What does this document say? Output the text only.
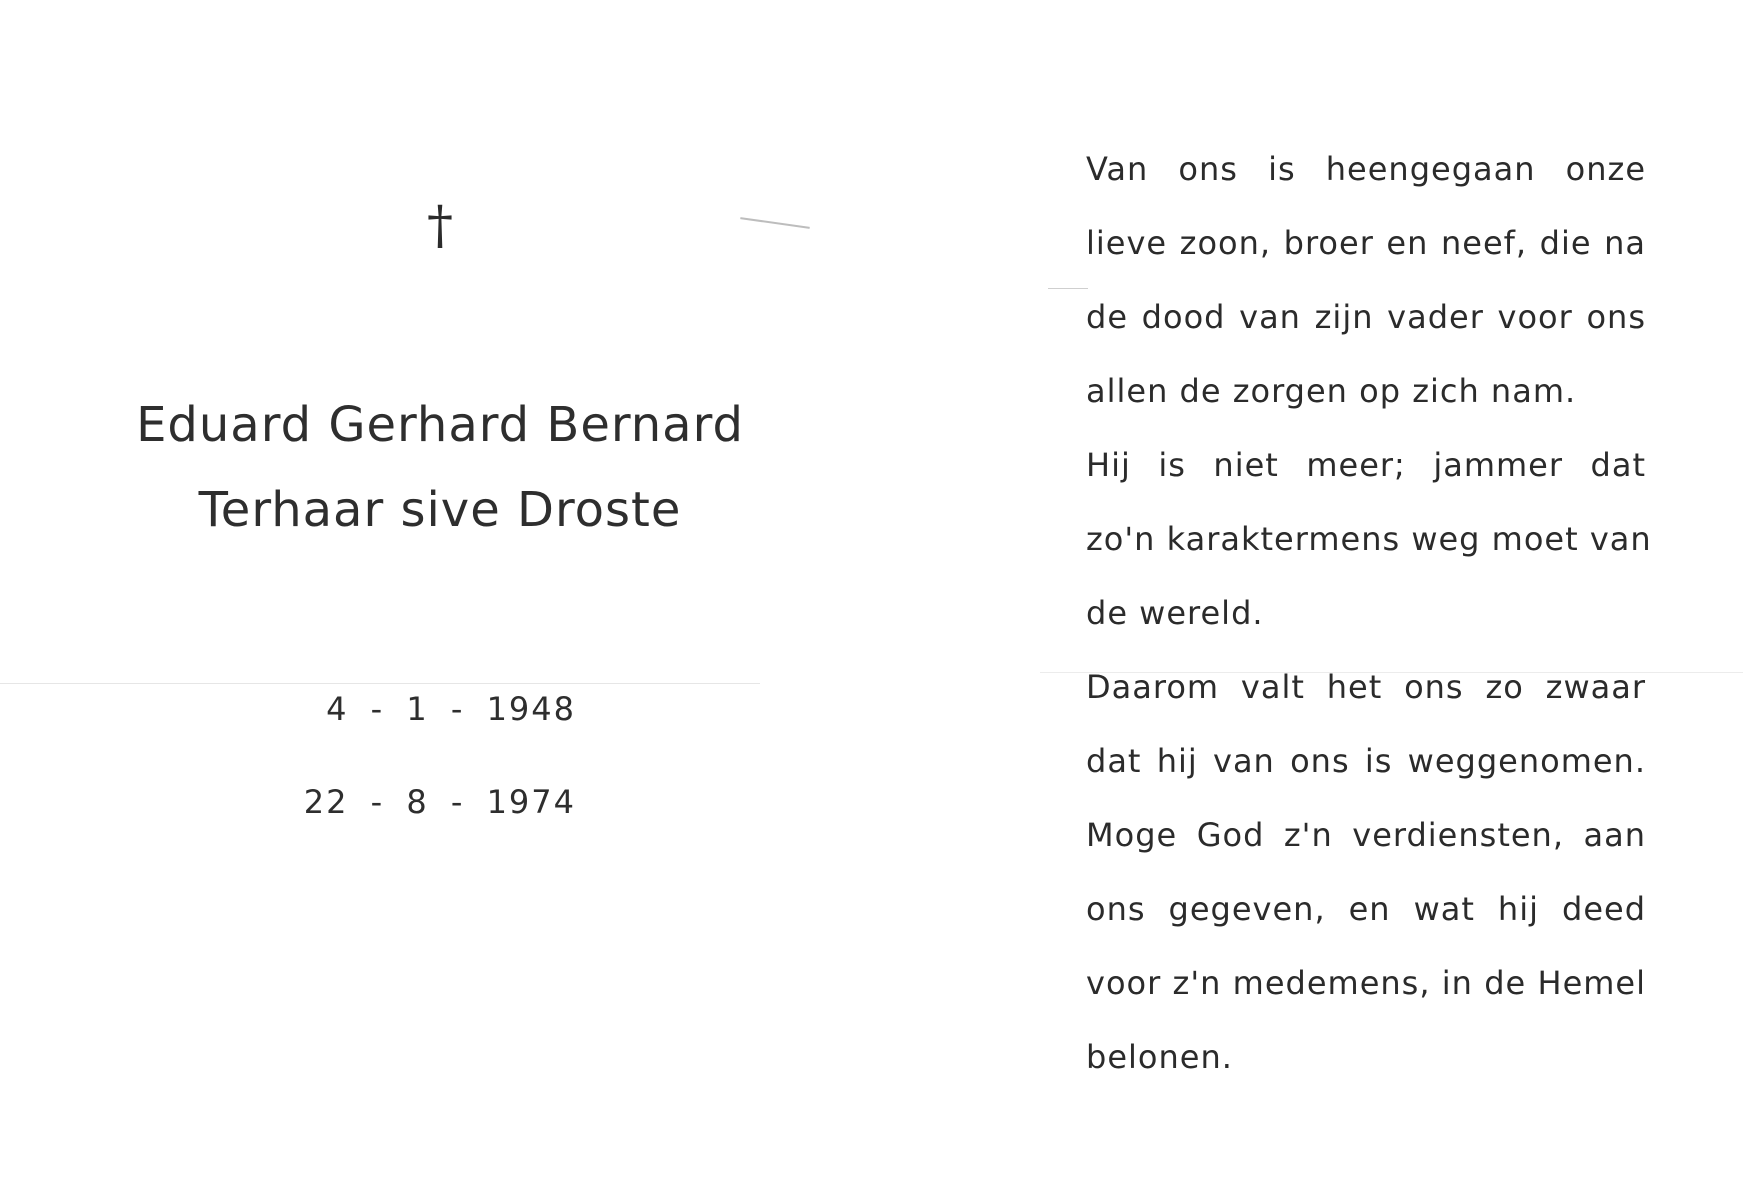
†
Eduard Gerhard Bernard
Terhaar sive Droste
4 - 1 - 1948
22 - 8 - 1974
Van ons is heengegaan onze
lieve zoon, broer en neef, die na
de dood van zijn vader voor ons
allen de zorgen op zich nam.
Hij is niet meer; jammer dat
zo'n karaktermens weg moet van
de wereld.
Daarom valt het ons zo zwaar
dat hij van ons is weggenomen.
Moge God z'n verdiensten, aan
ons gegeven, en wat hij deed
voor z'n medemens, in de Hemel
belonen.
